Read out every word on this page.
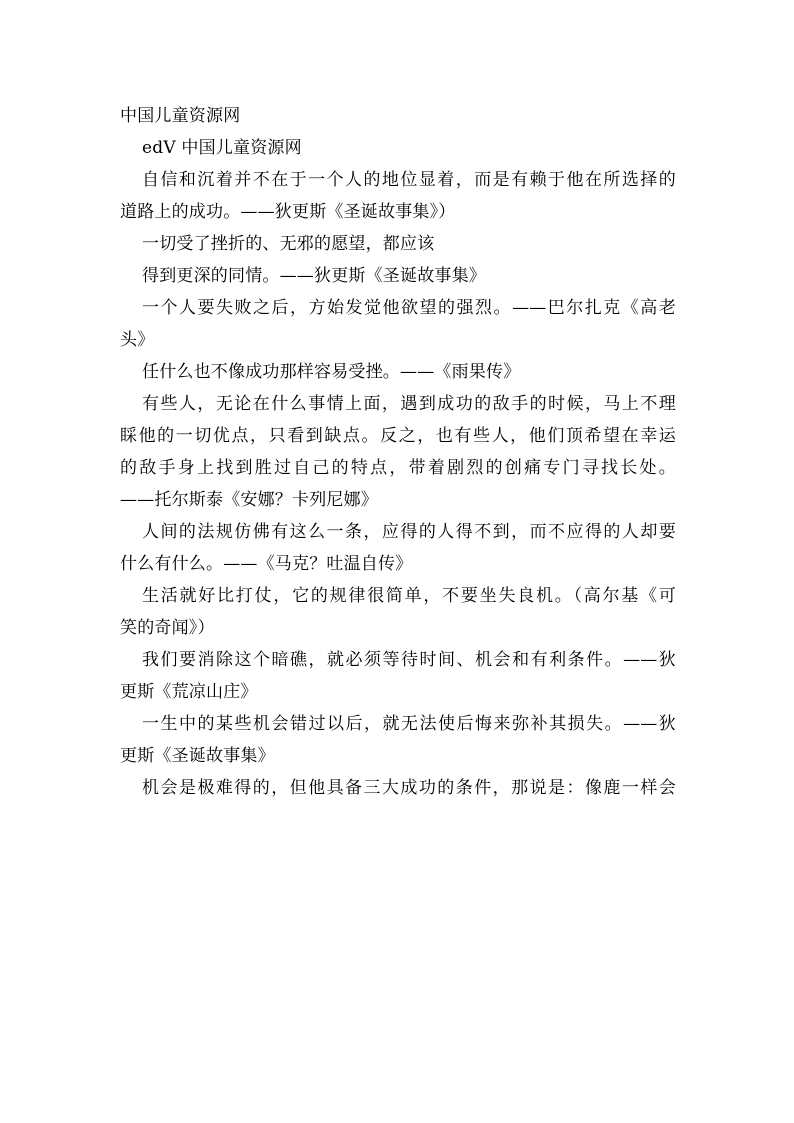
中国儿童资源网
edV 中国儿童资源网
自信和沉着并不在于一个人的地位显着，而是有赖于他在所选择的
道路上的成功。——狄更斯《圣诞故事集》）
一切受了挫折的、无邪的愿望，都应该
得到更深的同情。——狄更斯《圣诞故事集》
一个人要失败之后，方始发觉他欲望的强烈。——巴尔扎克《高老
头》
任什么也不像成功那样容易受挫。——《雨果传》
有些人，无论在什么事情上面，遇到成功的敌手的时候，马上不理
睬他的一切优点，只看到缺点。反之，也有些人，他们顶希望在幸运
的敌手身上找到胜过自己的特点，带着剧烈的创痛专门寻找长处。
——托尔斯泰《安娜？卡列尼娜》
人间的法规仿佛有这么一条，应得的人得不到，而不应得的人却要
什么有什么。——《马克？吐温自传》
生活就好比打仗，它的规律很简单，不要坐失良机。（高尔基《可
笑的奇闻》）
我们要消除这个暗礁，就必须等待时间、机会和有利条件。——狄
更斯《荒凉山庄》
一生中的某些机会错过以后，就无法使后悔来弥补其损失。——狄
更斯《圣诞故事集》
机会是极难得的，但他具备三大成功的条件，那说是：像鹿一样会
